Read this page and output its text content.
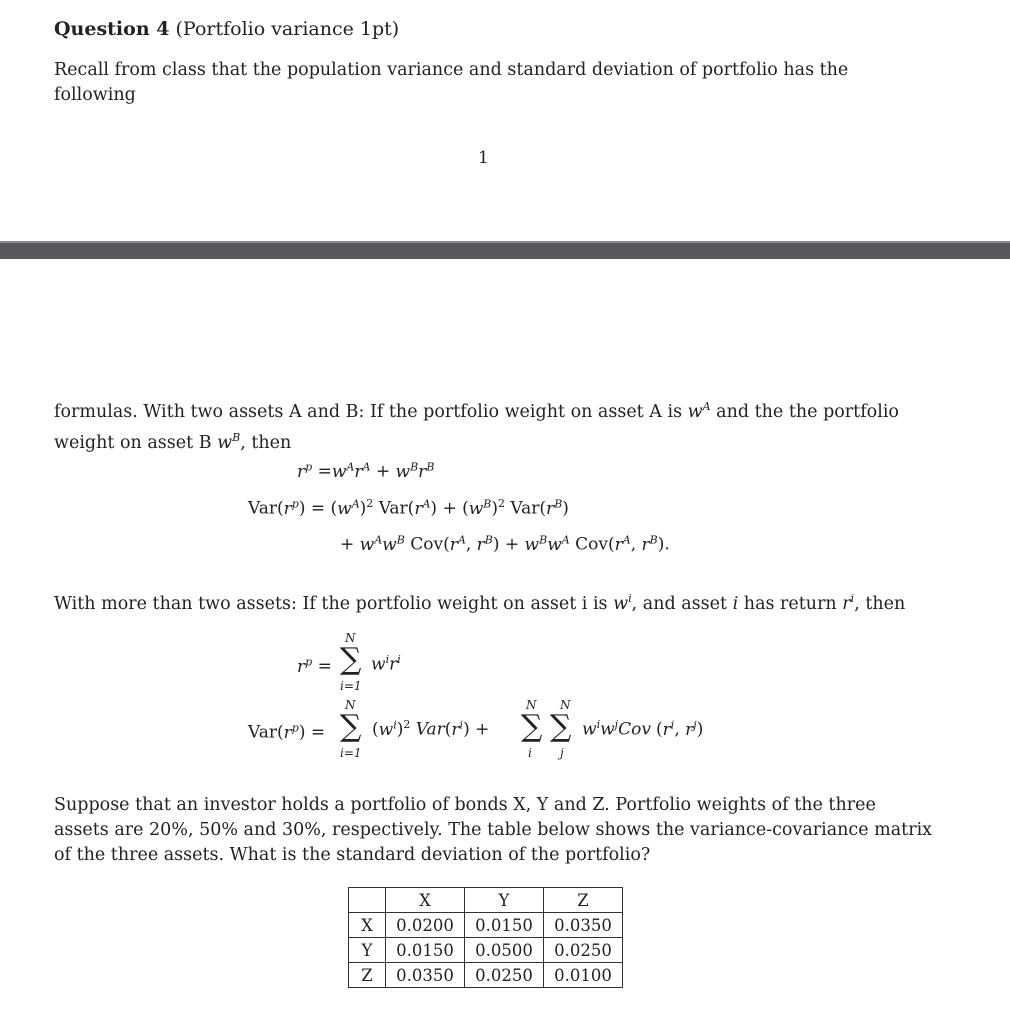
Question 4 (Portfolio variance 1pt)
Recall from class that the population variance and standard deviation of portfolio has the following
1
formulas. With two assets A and B: If the portfolio weight on asset A is $w^A$ and the the portfolio
weight on asset B $w^B$, then
$r^p =w^Ar^A + w^Br^B$
$Var(r^p) = (w^A)^2$ $Var(r^A) + (w^B)^2$ $Var(r^B)$
+ $w^Aw^B$ $Cov(r^A$, $r^B) + w^Bw^A$ $Cov(r^A$, $r^B$).
With more than two assets: If the portfolio weight on asset i is $w^i$, and asset i has return $r^i$, then
$r^p$ =
N
∑
i=1
$w^ir^i$
$Var(r^p)$ =
N
∑
i=1
$(w^i)^2$ $Var(r^i)$ +
N
∑
i
N
∑
j
$w^iw^jCov$ ($r^i$, $r^j$)
Suppose that an investor holds a portfolio of bonds X, Y and Z. Portfolio weights of the three
assets are 20%, 50% and 30%, respectively. The table below shows the variance-covariance matrix
of the three assets. What is the standard deviation of the portfolio?
	X	Y	Z
X	0.0200	0.0150	0.0350
Y	0.0150	0.0500	0.0250
Z	0.0350	0.0250	0.0100
